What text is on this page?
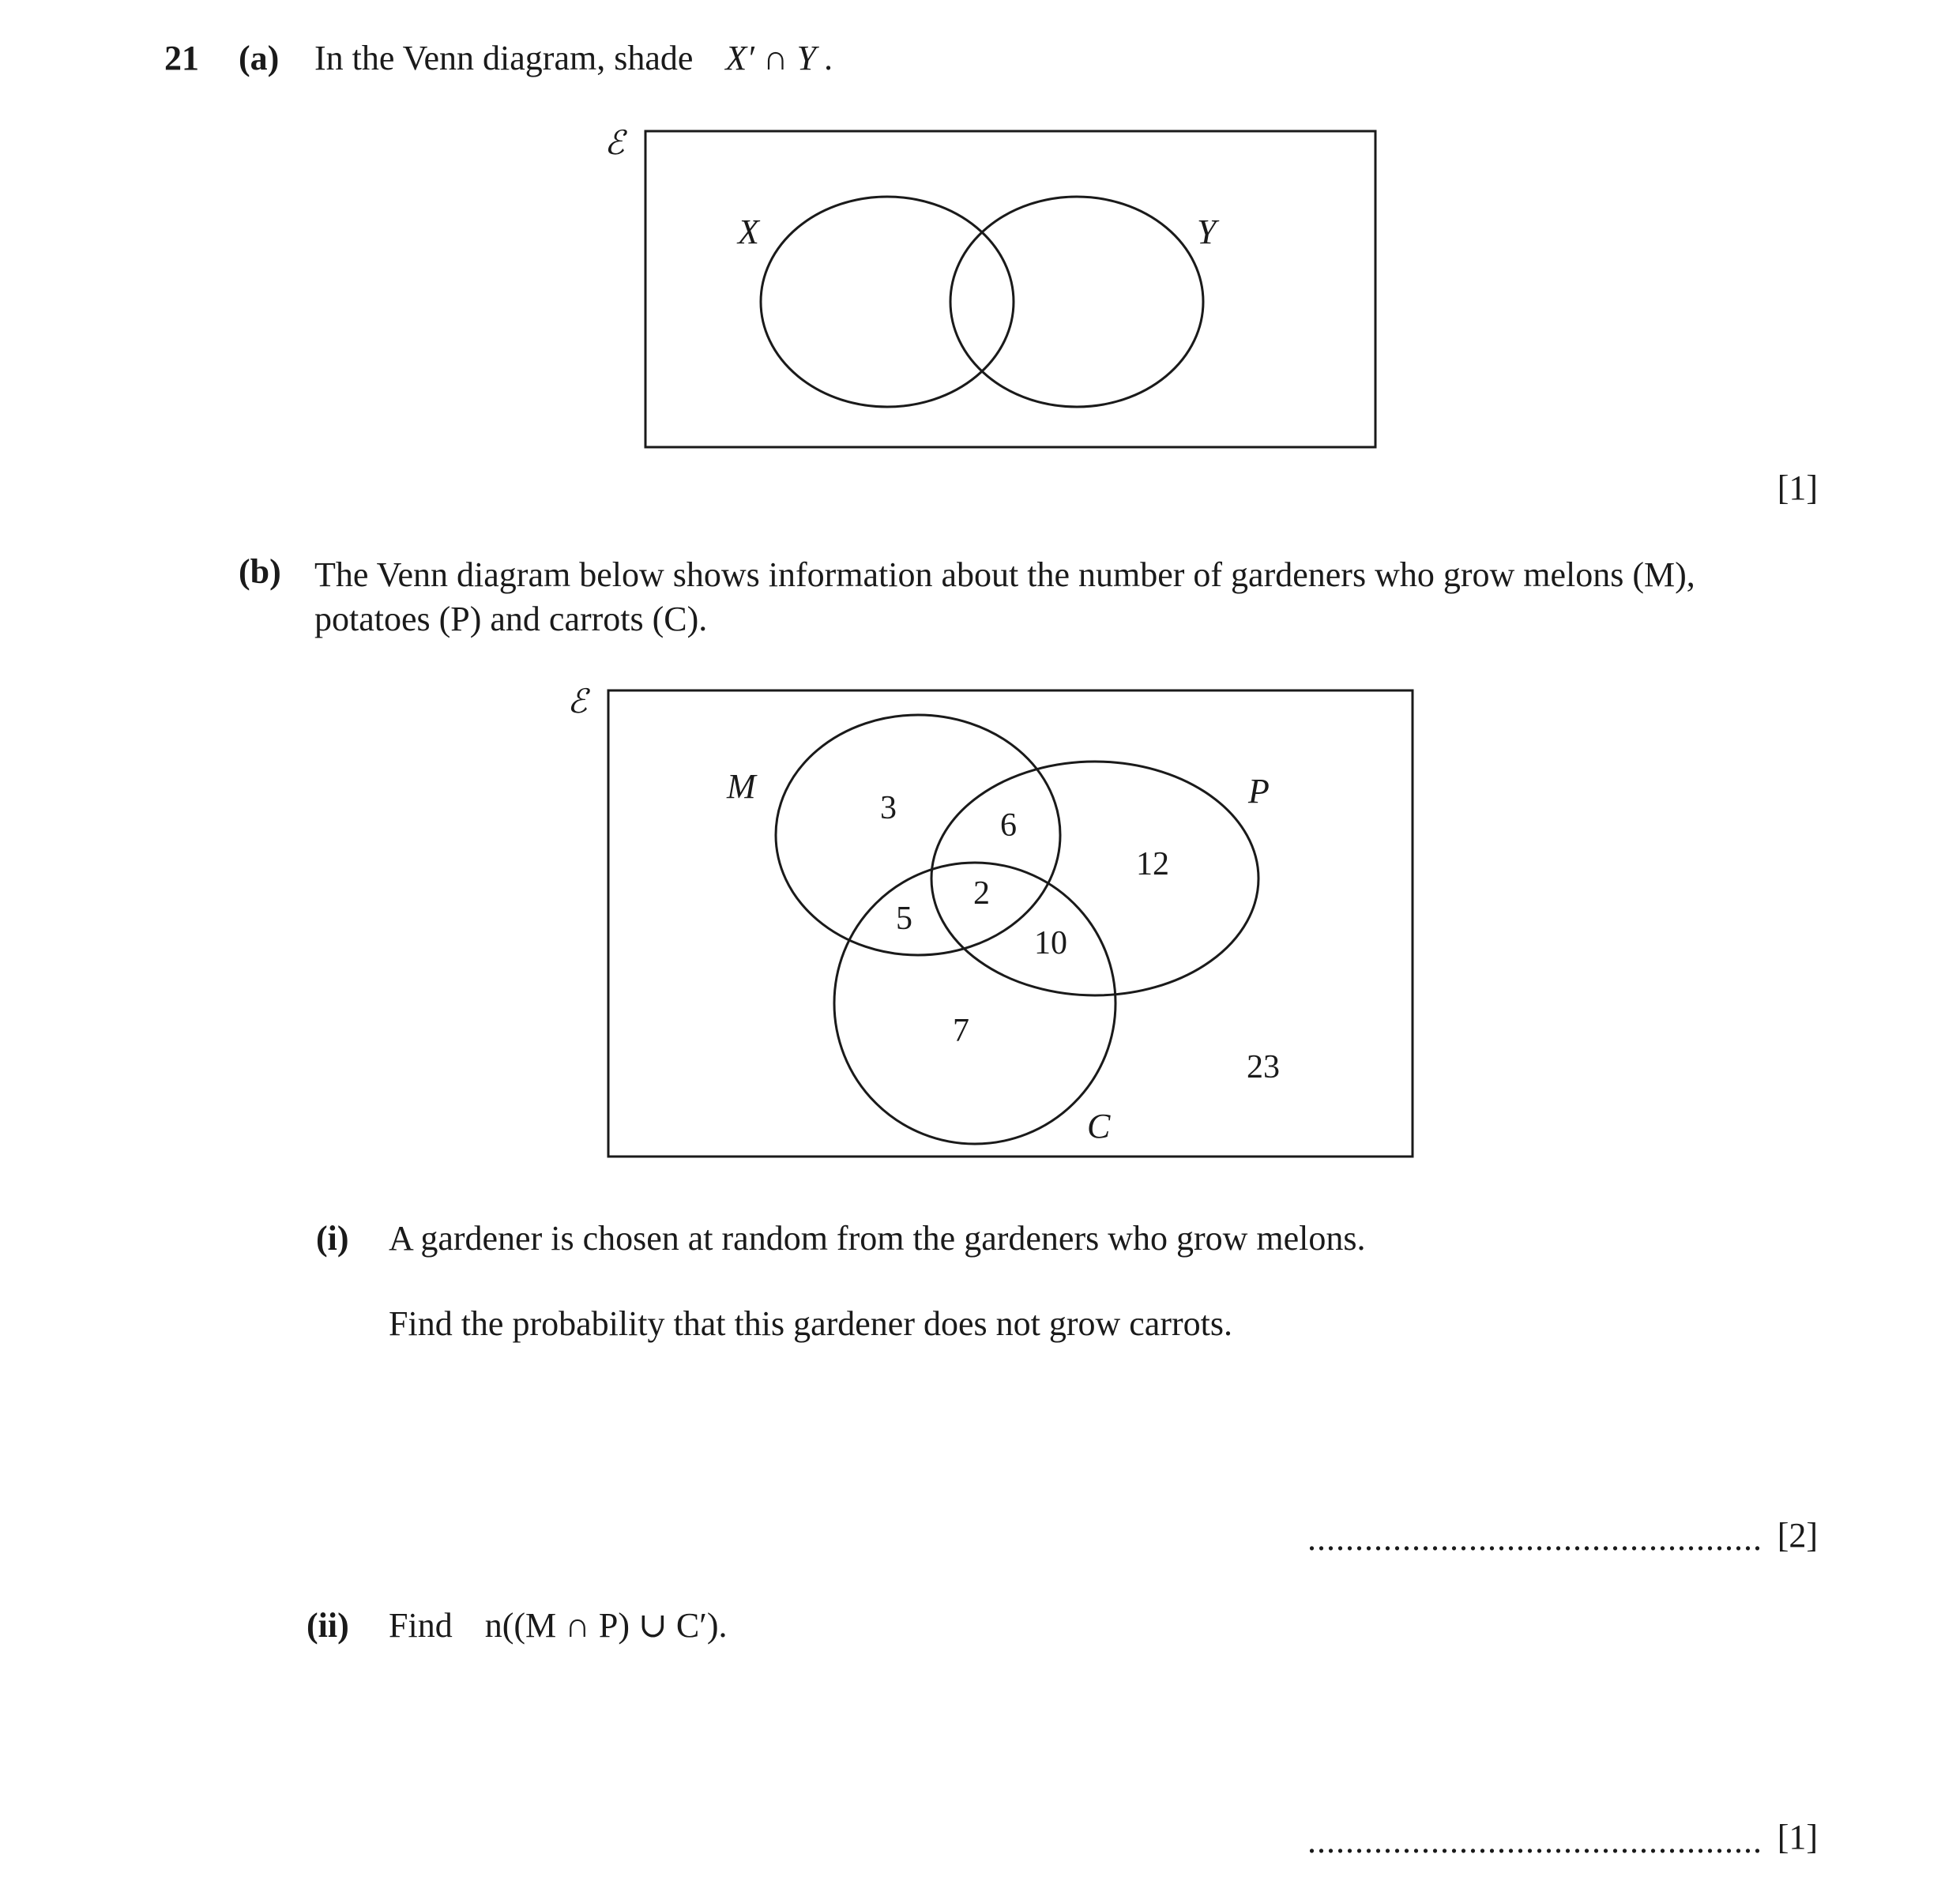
21 (a) In the Venn diagram, shade X′ ∩ Y .
ℰ
X	Y
[1]
(b) The Venn diagram below shows information about the number of gardeners who grow melons (M),
potatoes (P) and carrots (C).
ℰ
M	P
C
3	6
12
2
5
10
7
23
(i) A gardener is chosen at random from the gardeners who grow melons.
Find the probability that this gardener does not grow carrots.
................................................ [2]
(ii) Find n((M ∩ P) ∪ C′).
................................................ [1]
